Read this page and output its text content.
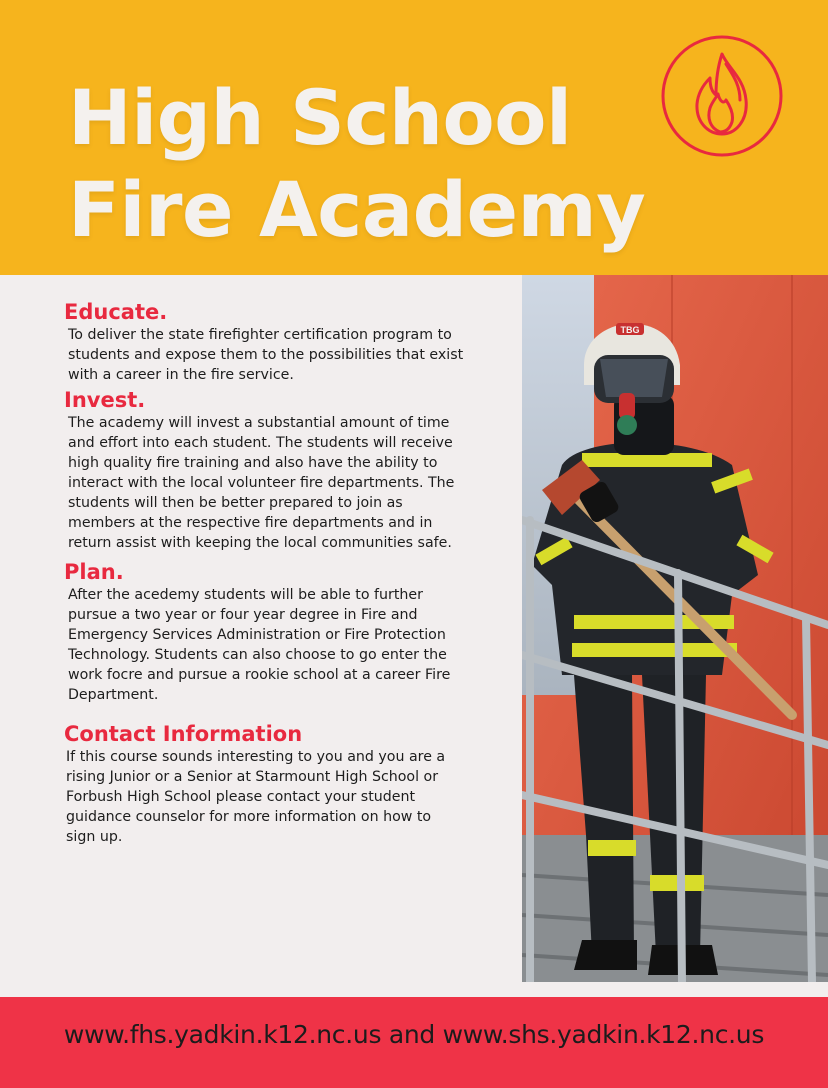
High School
Fire Academy
Educate.

To deliver the state firefighter certification program to students and expose them to the possibilities that exist with a career in the fire service.

Invest.

The academy will invest a substantial amount of time and effort into each student. The students will receive high quality fire training and also have the ability to interact with the local volunteer fire departments. The students will then be better prepared to join as members at the respective fire departments and in return assist with keeping the local communities safe.

Plan.

After the acedemy students will be able to further pursue a two year or four year degree in Fire and Emergency Services Administration or Fire Protection Technology. Students can also choose to go enter the work focre and pursue a rookie school at a career Fire Department.

Contact Information

If this course sounds interesting to you and you are a rising Junior or a Senior at Starmount High School or Forbush High School please contact your student guidance counselor for more information on how to sign up.

TBG
www.fhs.yadkin.k12.nc.us and www.shs.yadkin.k12.nc.us
